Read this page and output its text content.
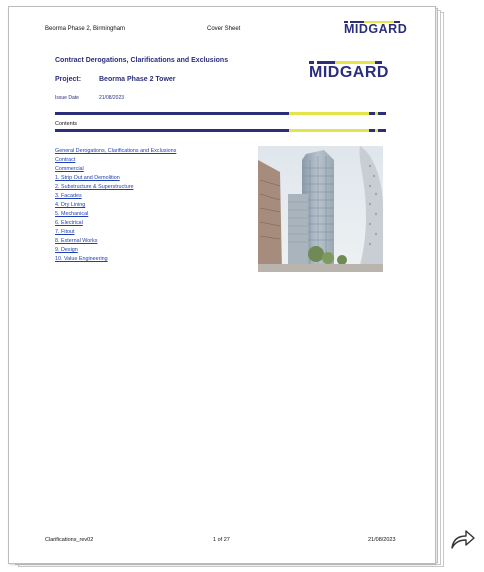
Beorma Phase 2, Birmingham	Cover Sheet	MIDGARD
Contract Derogations, Clarifications and Exclusions
Project:	Beorma Phase 2 Tower
Issue Date	21/08/2023
MIDGARD
Contents
General Derogations, Clarifications and Exclusions
Contract
Commercial
1. Strip Out and Demolition
2. Substructure & Superstructure
3. Facades
4. Dry Lining
5. Mechanical
6. Electrical
7. Fitout
8. External Works
9. Design
10. Value Engineering
Clarifications_rev02	1 of 27	21/08/2023
